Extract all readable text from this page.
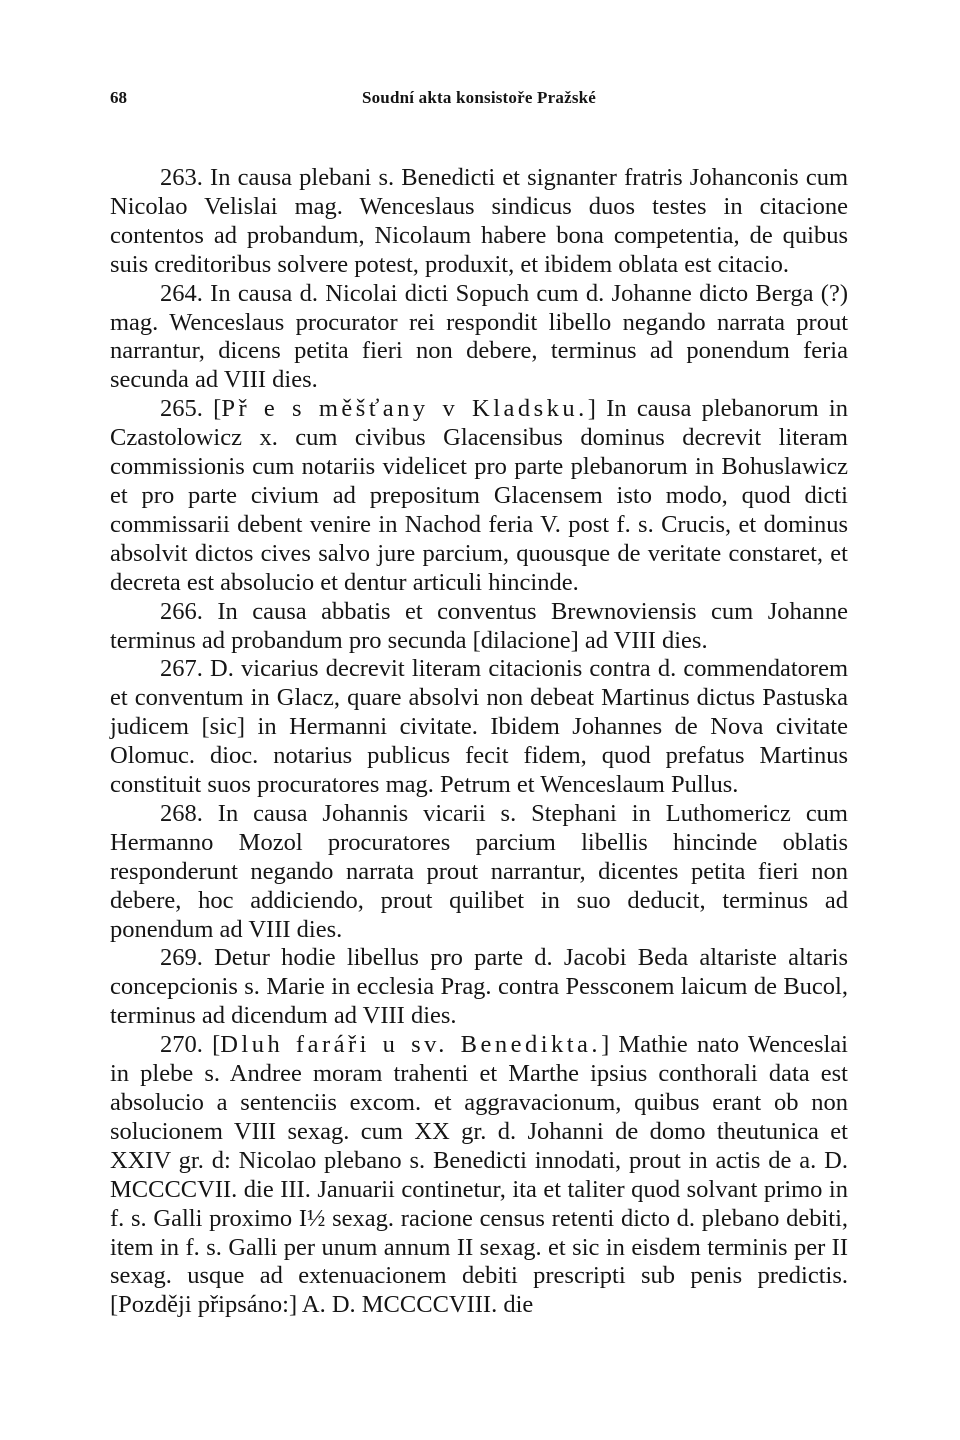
68	Soudní akta konsistoře Pražské

263. In causa plebani s. Benedicti et signanter fratris Johanconis cum Nicolao Velislai mag. Wenceslaus sindicus duos testes in citacione contentos ad probandum, Nicolaum habere bona competentia, de quibus suis creditoribus solvere potest, produxit, et ibidem oblata est citacio.

264. In causa d. Nicolai dicti Sopuch cum d. Johanne dicto Berga (?) mag. Wenceslaus procurator rei respondit libello negando narrata prout narrantur, dicens petita fieri non debere, terminus ad ponendum feria secunda ad VIII dies.

265. [Př e s měšťany v Kladsku.] In causa plebanorum in Czastolowicz x. cum civibus Glacensibus dominus decrevit literam commissionis cum notariis videlicet pro parte plebanorum in Bohuslawicz et pro parte civium ad prepositum Glacensem isto modo, quod dicti commissarii debent venire in Nachod feria V. post f. s. Crucis, et dominus absolvit dictos cives salvo jure parcium, quousque de veritate constaret, et decreta est absolucio et dentur articuli hincinde.

266. In causa abbatis et conventus Brewnoviensis cum Johanne terminus ad probandum pro secunda [dilacione] ad VIII dies.

267. D. vicarius decrevit literam citacionis contra d. commendatorem et conventum in Glacz, quare absolvi non debeat Martinus dictus Pastuska judicem [sic] in Hermanni civitate. Ibidem Johannes de Nova civitate Olomuc. dioc. notarius publicus fecit fidem, quod prefatus Martinus constituit suos procuratores mag. Petrum et Wenceslaum Pullus.

268. In causa Johannis vicarii s. Stephani in Luthomericz cum Hermanno Mozol procuratores parcium libellis hincinde oblatis responderunt negando narrata prout narrantur, dicentes petita fieri non debere, hoc addiciendo, prout quilibet in suo deducit, terminus ad ponendum ad VIII dies.

269. Detur hodie libellus pro parte d. Jacobi Beda altariste altaris concepcionis s. Marie in ecclesia Prag. contra Pessconem laicum de Bucol, terminus ad dicendum ad VIII dies.

270. [Dluh faráři u sv. Benedikta.] Mathie nato Wenceslai in plebe s. Andree moram trahenti et Marthe ipsius conthorali data est absolucio a sentenciis excom. et aggravacionum, quibus erant ob non solucionem VIII sexag. cum XX gr. d. Johanni de domo theutunica et XXIV gr. d: Nicolao plebano s. Benedicti innodati, prout in actis de a. D. MCCCCVII. die III. Januarii continetur, ita et taliter quod solvant primo in f. s. Galli proximo I½ sexag. racione census retenti dicto d. plebano debiti, item in f. s. Galli per unum annum II sexag. et sic in eisdem terminis per II sexag. usque ad extenuacionem debiti prescripti sub penis predictis. [Později připsáno:] A. D. MCCCCVIII. die
